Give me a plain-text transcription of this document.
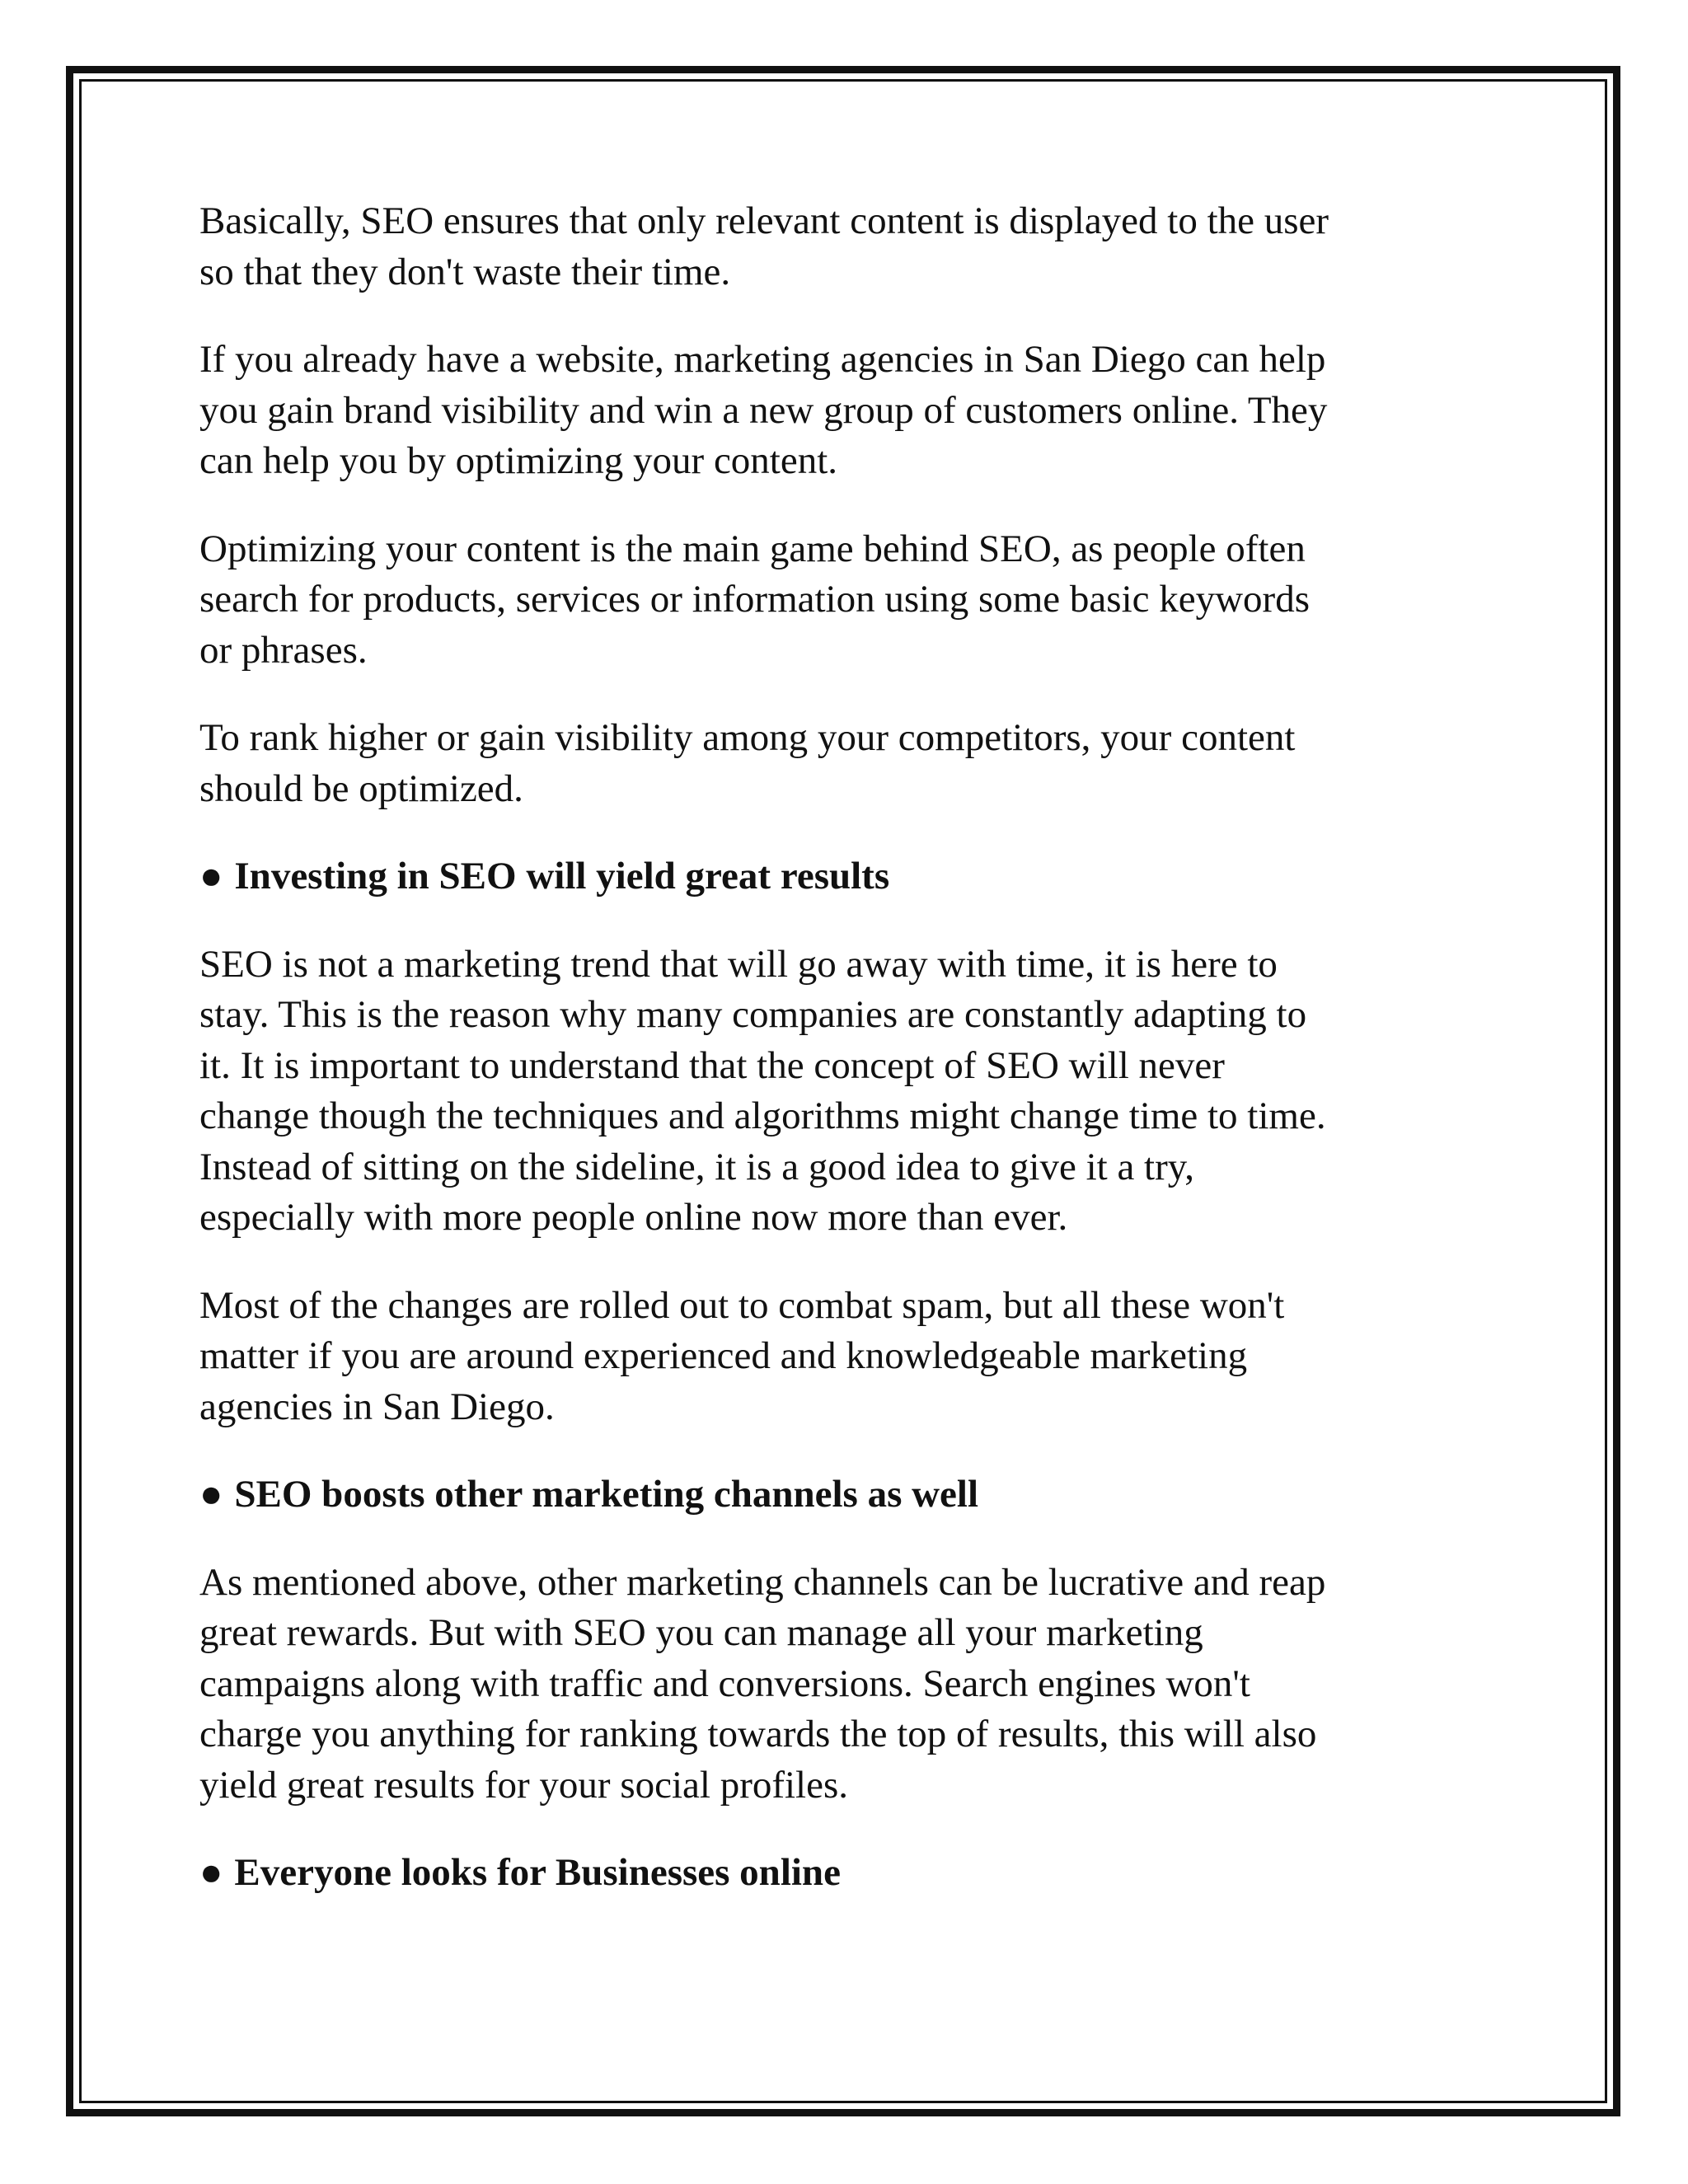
Basically, SEO ensures that only relevant content is displayed to the user
so that they don't waste their time.

If you already have a website, marketing agencies in San Diego can help
you gain brand visibility and win a new group of customers online. They
can help you by optimizing your content.

Optimizing your content is the main game behind SEO, as people often
search for products, services or information using some basic keywords
or phrases.

To rank higher or gain visibility among your competitors, your content
should be optimized.

● Investing in SEO will yield great results

SEO is not a marketing trend that will go away with time, it is here to
stay. This is the reason why many companies are constantly adapting to
it. It is important to understand that the concept of SEO will never
change though the techniques and algorithms might change time to time.
Instead of sitting on the sideline, it is a good idea to give it a try,
especially with more people online now more than ever.

Most of the changes are rolled out to combat spam, but all these won't
matter if you are around experienced and knowledgeable marketing
agencies in San Diego.

● SEO boosts other marketing channels as well

As mentioned above, other marketing channels can be lucrative and reap
great rewards. But with SEO you can manage all your marketing
campaigns along with traffic and conversions. Search engines won't
charge you anything for ranking towards the top of results, this will also
yield great results for your social profiles.

● Everyone looks for Businesses online
